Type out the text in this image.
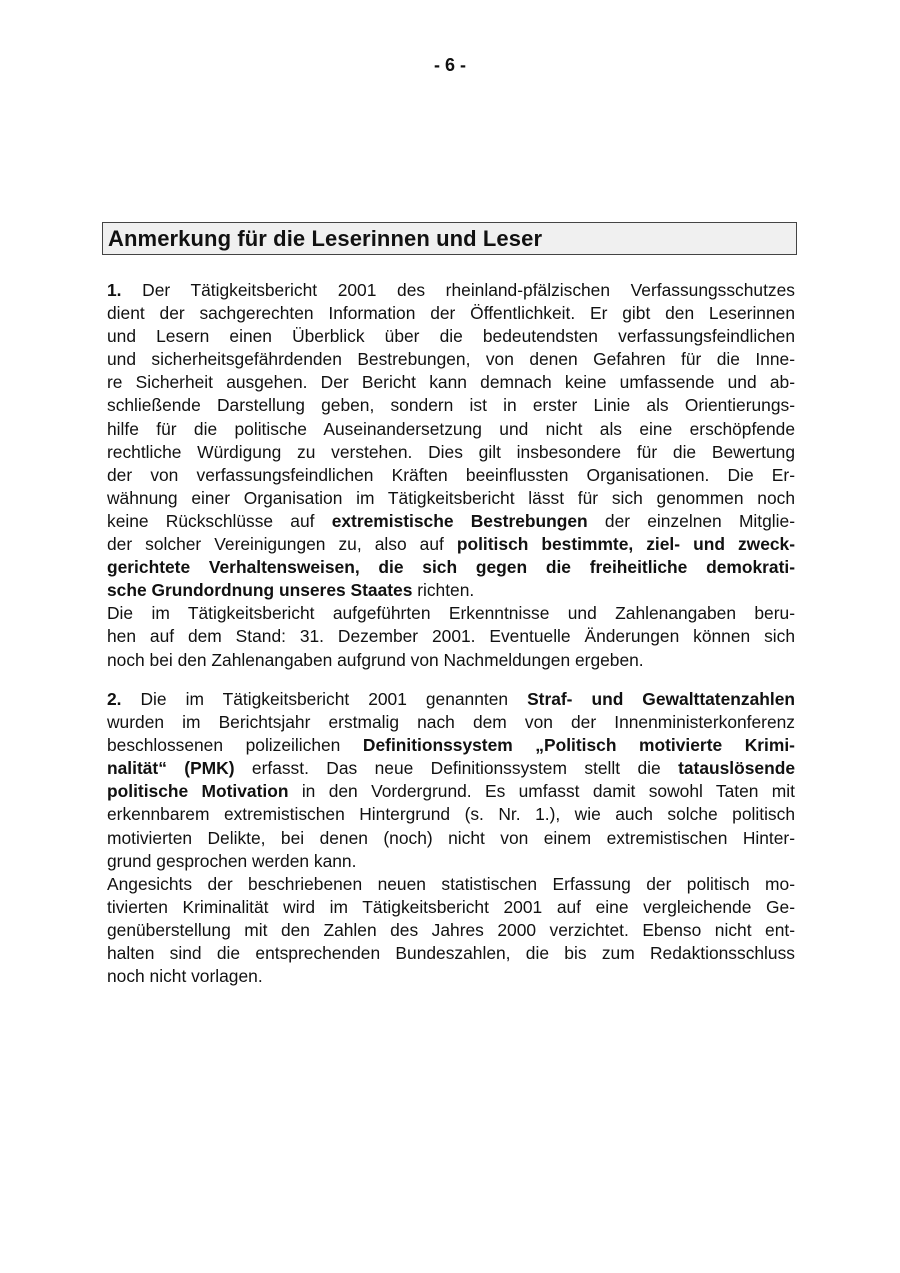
- 6 -
Anmerkung für die Leserinnen und Leser
1. Der Tätigkeitsbericht 2001 des rheinland-pfälzischen Verfassungsschutzes
dient der sachgerechten Information der Öffentlichkeit. Er gibt den Leserinnen
und Lesern einen Überblick über die bedeutendsten verfassungsfeindlichen
und sicherheitsgefährdenden Bestrebungen, von denen Gefahren für die Inne-
re Sicherheit ausgehen. Der Bericht kann demnach keine umfassende und ab-
schließende Darstellung geben, sondern ist in erster Linie als Orientierungs-
hilfe für die politische Auseinandersetzung und nicht als eine erschöpfende
rechtliche Würdigung zu verstehen. Dies gilt insbesondere für die Bewertung
der von verfassungsfeindlichen Kräften beeinflussten Organisationen. Die Er-
wähnung einer Organisation im Tätigkeitsbericht lässt für sich genommen noch
keine Rückschlüsse auf extremistische Bestrebungen der einzelnen Mitglie-
der solcher Vereinigungen zu, also auf politisch bestimmte, ziel- und zweck-
gerichtete Verhaltensweisen, die sich gegen die freiheitliche demokrati-
sche Grundordnung unseres Staates richten.
Die im Tätigkeitsbericht aufgeführten Erkenntnisse und Zahlenangaben beru-
hen auf dem Stand: 31. Dezember 2001. Eventuelle Änderungen können sich
noch bei den Zahlenangaben aufgrund von Nachmeldungen ergeben.
2. Die im Tätigkeitsbericht 2001 genannten Straf- und Gewalttatenzahlen
wurden im Berichtsjahr erstmalig nach dem von der Innenministerkonferenz
beschlossenen polizeilichen Definitionssystem „Politisch motivierte Krimi-
nalität“ (PMK) erfasst. Das neue Definitionssystem stellt die tatauslösende
politische Motivation in den Vordergrund. Es umfasst damit sowohl Taten mit
erkennbarem extremistischen Hintergrund (s. Nr. 1.), wie auch solche politisch
motivierten Delikte, bei denen (noch) nicht von einem extremistischen Hinter-
grund gesprochen werden kann.
Angesichts der beschriebenen neuen statistischen Erfassung der politisch mo-
tivierten Kriminalität wird im Tätigkeitsbericht 2001 auf eine vergleichende Ge-
genüberstellung mit den Zahlen des Jahres 2000 verzichtet. Ebenso nicht ent-
halten sind die entsprechenden Bundeszahlen, die bis zum Redaktionsschluss
noch nicht vorlagen.
